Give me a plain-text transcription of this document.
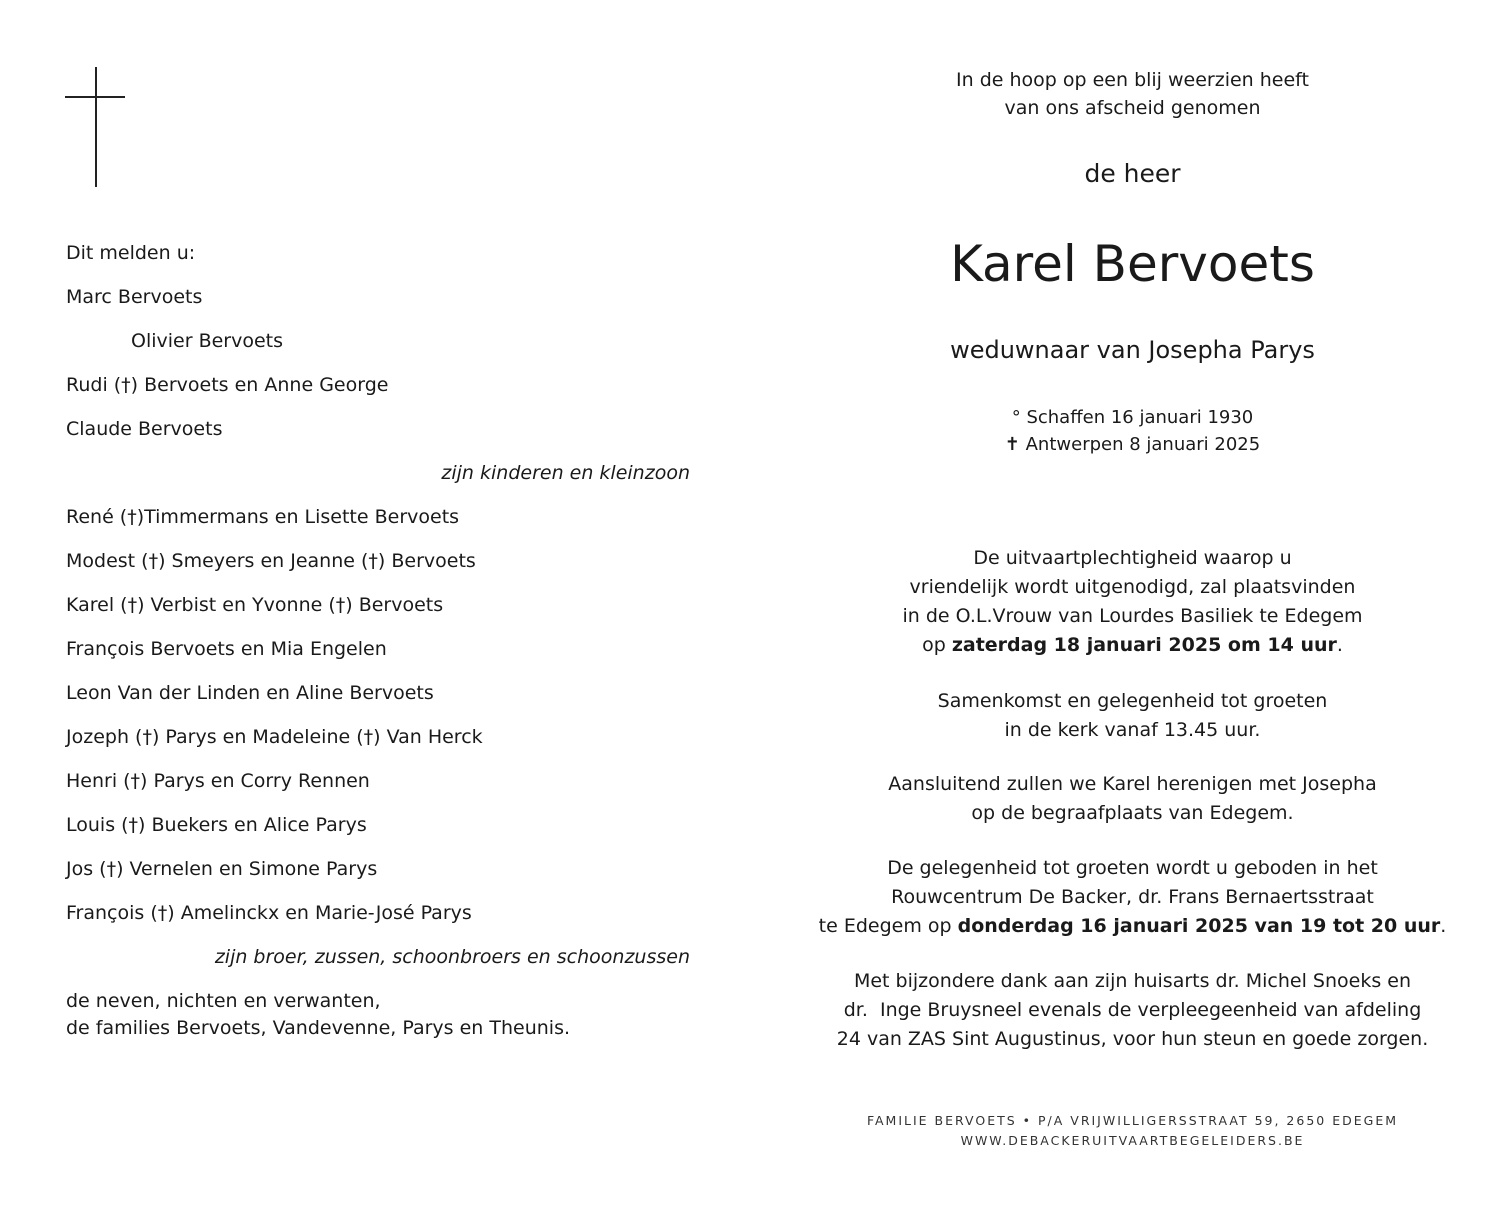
Dit melden u:
Marc Bervoets
Olivier Bervoets
Rudi (†) Bervoets en Anne George
Claude Bervoets
zijn kinderen en kleinzoon
René (†)Timmermans en Lisette Bervoets
Modest (†) Smeyers en Jeanne (†) Bervoets
Karel (†) Verbist en Yvonne (†) Bervoets
François Bervoets en Mia Engelen
Leon Van der Linden en Aline Bervoets
Jozeph (†) Parys en Madeleine (†) Van Herck
Henri (†) Parys en Corry Rennen
Louis (†) Buekers en Alice Parys
Jos (†) Vernelen en Simone Parys
François (†) Amelinckx en Marie-José Parys
zijn broer, zussen, schoonbroers en schoonzussen
de neven, nichten en verwanten,
de families Bervoets, Vandevenne, Parys en Theunis.
In de hoop op een blij weerzien heeft
van ons afscheid genomen
de heer
Karel Bervoets
weduwnaar van Josepha Parys
° Schaffen 16 januari 1930
✝ Antwerpen 8 januari 2025
De uitvaartplechtigheid waarop u
vriendelijk wordt uitgenodigd, zal plaatsvinden
in de O.L.Vrouw van Lourdes Basiliek te Edegem
op zaterdag 18 januari 2025 om 14 uur.
Samenkomst en gelegenheid tot groeten
in de kerk vanaf 13.45 uur.
Aansluitend zullen we Karel herenigen met Josepha
op de begraafplaats van Edegem.
De gelegenheid tot groeten wordt u geboden in het
Rouwcentrum De Backer, dr. Frans Bernaertsstraat
te Edegem op donderdag 16 januari 2025 van 19 tot 20 uur.
Met bijzondere dank aan zijn huisarts dr. Michel Snoeks en
dr.  Inge Bruysneel evenals de verpleegeenheid van afdeling
24 van ZAS Sint Augustinus, voor hun steun en goede zorgen.
FAMILIE BERVOETS • P/A VRIJWILLIGERSSTRAAT 59, 2650 EDEGEM
WWW.DEBACKERUITVAARTBEGELEIDERS.BE
